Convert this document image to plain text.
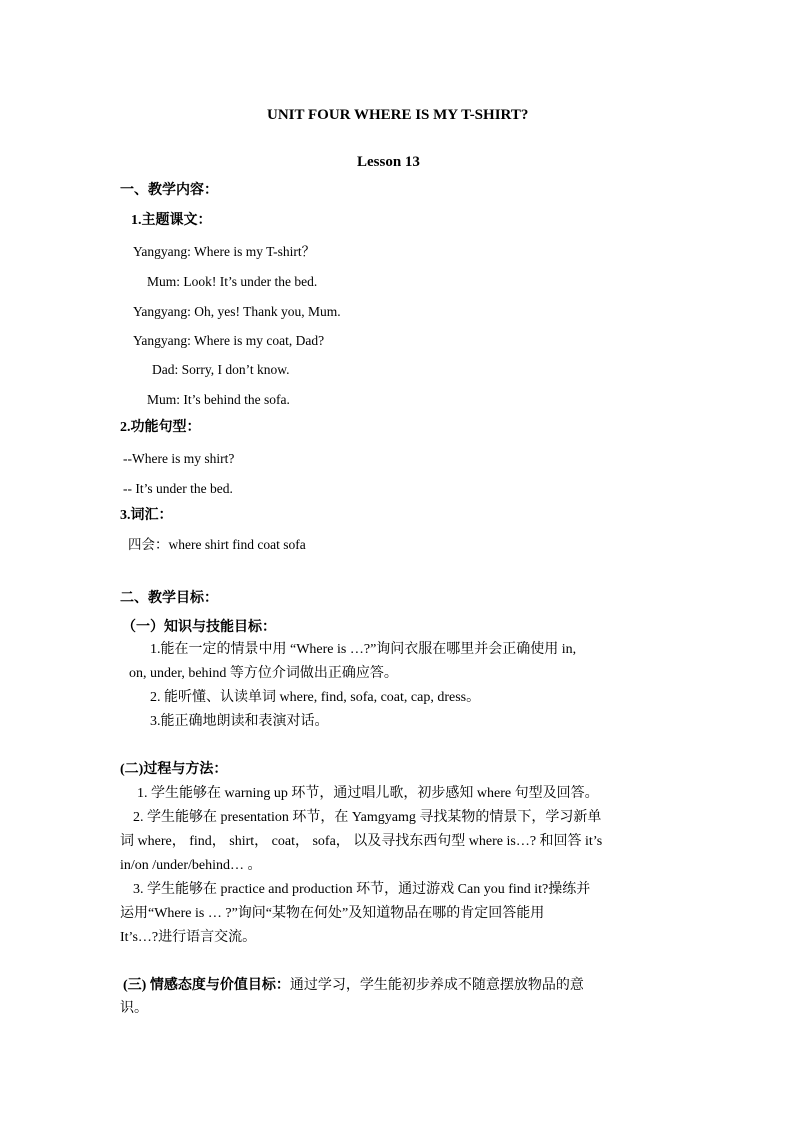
UNIT FOUR WHERE IS MY T-SHIRT?
Lesson 13
一、教学内容：
1.主题课文：
Yangyang: Where is my T-shirt？
Mum: Look! It’s under the bed.
Yangyang: Oh, yes! Thank you, Mum.
Yangyang: Where is my coat, Dad?
Dad: Sorry, I don’t know.
Mum: It’s behind the sofa.
2.功能句型：
--Where is my shirt?
-- It’s under the bed.
3.词汇：
四会：where shirt find coat sofa
二、教学目标：
（一）知识与技能目标：
1.能在一定的情景中用 “Where is …?”询问衣服在哪里并会正确使用 in,
on, under, behind 等方位介词做出正确应答。
2. 能听懂、认读单词 where, find, sofa, coat, cap, dress。
3.能正确地朗读和表演对话。
(二)过程与方法：
1. 学生能够在 warning up 环节，通过唱儿歌，初步感知 where 句型及回答。
2. 学生能够在 presentation 环节，在 Yamgyamg 寻找某物的情景下，学习新单
词 where， find， shirt， coat， sofa， 以及寻找东西句型 where is…? 和回答 it’s
in/on /under/behind… 。
3. 学生能够在 practice and production 环节，通过游戏 Can you find it?操练并
运用“Where is … ?”询问“某物在何处”及知道物品在哪的肯定回答能用
It’s…?进行语言交流。
(三) 情感态度与价值目标：通过学习，学生能初步养成不随意摆放物品的意
识。
